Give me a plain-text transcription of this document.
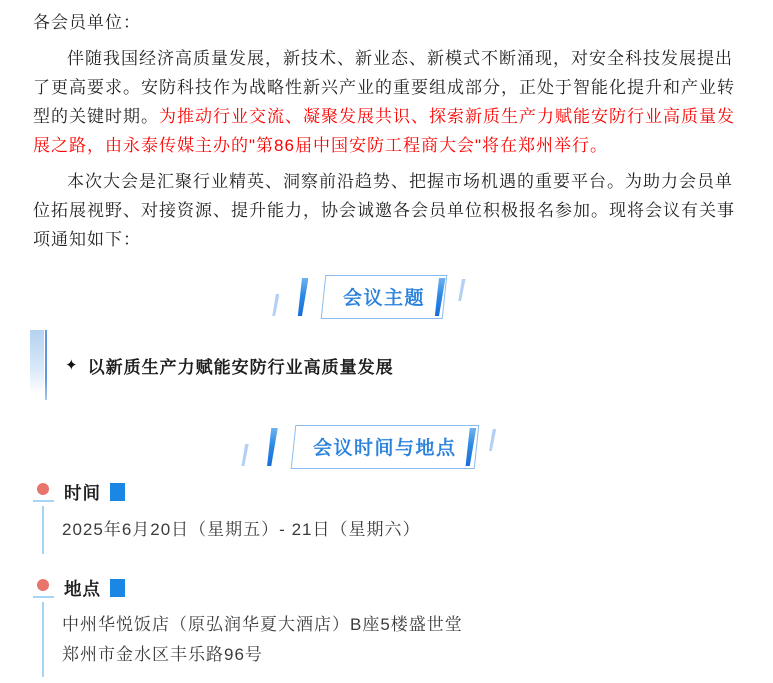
各会员单位：

伴随我国经济高质量发展，新技术、新业态、新模式不断涌现，对安全科技发展提出了更高要求。安防科技作为战略性新兴产业的重要组成部分，正处于智能化提升和产业转型的关键时期。为推动行业交流、凝聚发展共识、探索新质生产力赋能安防行业高质量发展之路，由永泰传媒主办的"第86届中国安防工程商大会"将在郑州举行。

本次大会是汇聚行业精英、洞察前沿趋势、把握市场机遇的重要平台。为助力会员单位拓展视野、对接资源、提升能力，协会诚邀各会员单位积极报名参加。现将会议有关事项通知如下：

会议主题

✦ 以新质生产力赋能安防行业高质量发展

会议时间与地点
时间

2025年6月20日（星期五）- 21日（星期六）

地点

中州华悦饭店（原弘润华夏大酒店）B座5楼盛世堂

郑州市金水区丰乐路96号
